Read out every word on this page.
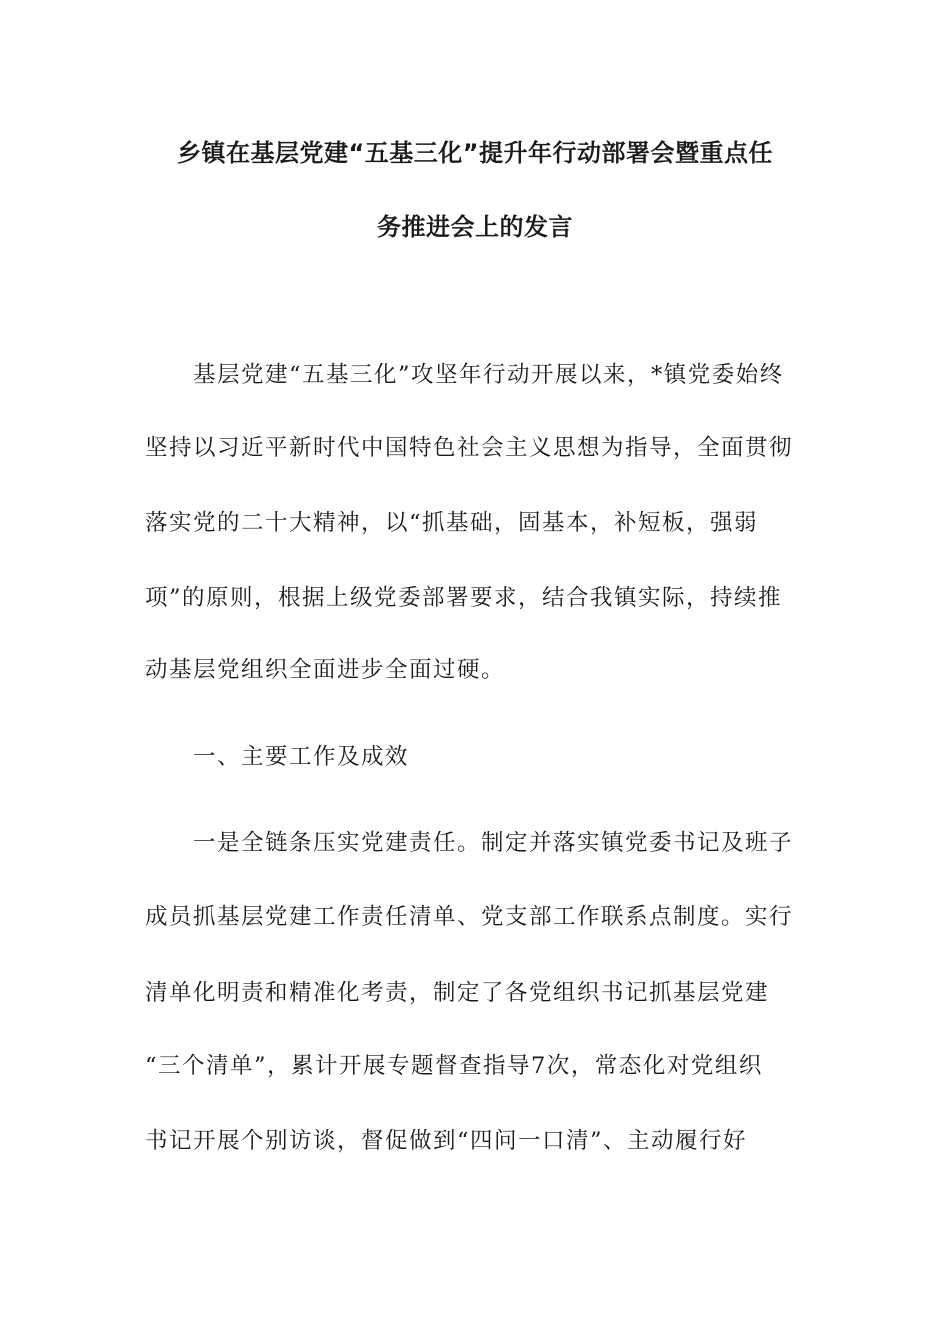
乡镇在基层党建“五基三化”提升年行动部署会暨重点任
务推进会上的发言
基层党建“五基三化”攻坚年行动开展以来，*镇党委始终
坚持以习近平新时代中国特色社会主义思想为指导，全面贯彻
落实党的二十大精神，以“抓基础，固基本，补短板，强弱
项”的原则，根据上级党委部署要求，结合我镇实际，持续推
动基层党组织全面进步全面过硬。
一、主要工作及成效
一是全链条压实党建责任。制定并落实镇党委书记及班子
成员抓基层党建工作责任清单、党支部工作联系点制度。实行
清单化明责和精准化考责，制定了各党组织书记抓基层党建
“三个清单”，累计开展专题督查指导7次，常态化对党组织
书记开展个别访谈，督促做到“四问一口清”、主动履行好
